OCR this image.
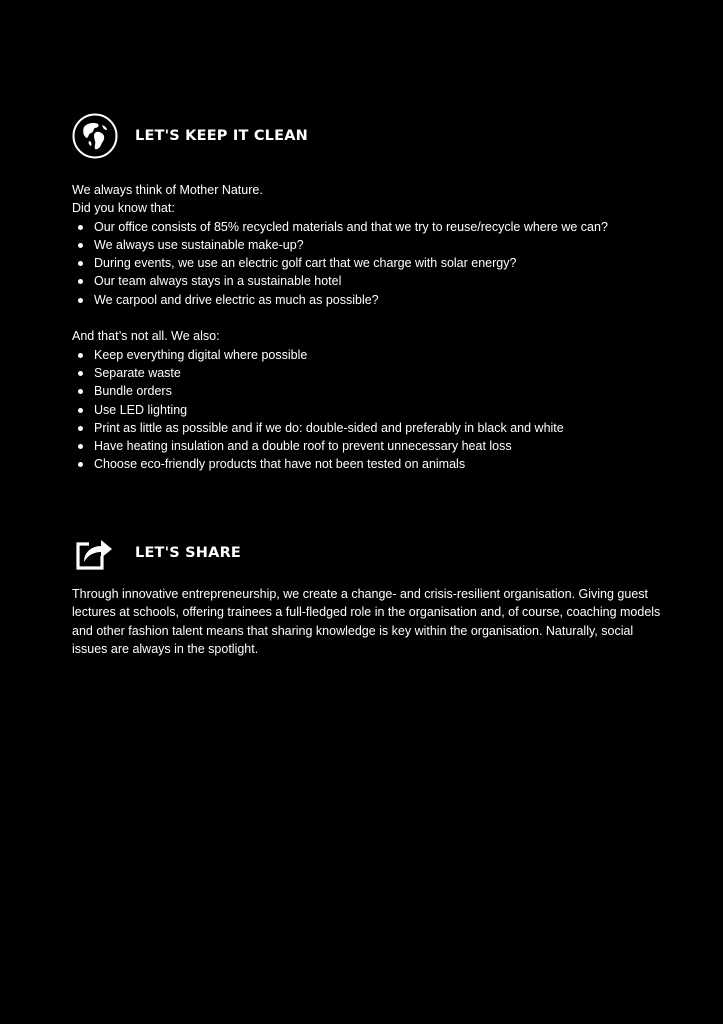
LET'S KEEP IT CLEAN

We always think of Mother Nature.

Did you know that:

Our office consists of 85% recycled materials and that we try to reuse/recycle where we can?
We always use sustainable make-up?
During events, we use an electric golf cart that we charge with solar energy?
Our team always stays in a sustainable hotel
We carpool and drive electric as much as possible?

And that’s not all. We also:

Keep everything digital where possible
Separate waste
Bundle orders
Use LED lighting
Print as little as possible and if we do: double-sided and preferably in black and white
Have heating insulation and a double roof to prevent unnecessary heat loss
Choose eco-friendly products that have not been tested on animals
LET'S SHARE

Through innovative entrepreneurship, we create a change- and crisis-resilient organisation. Giving guest lectures at schools, offering trainees a full-fledged role in the organisation and, of course, coaching models and other fashion talent means that sharing knowledge is key within the organisation. Naturally, social issues are always in the spotlight.
